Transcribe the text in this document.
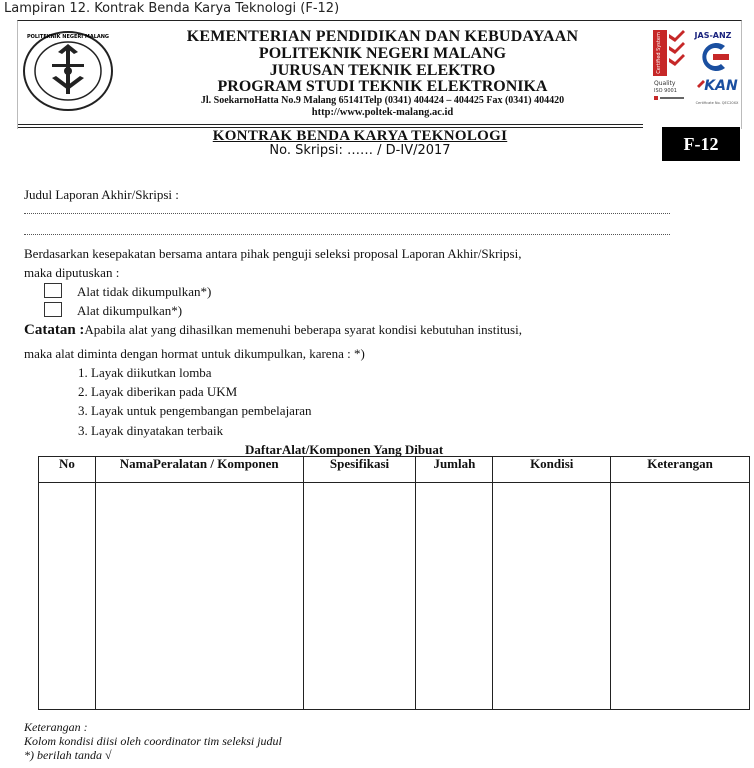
Lampiran 12. Kontrak Benda Karya Teknologi (F-12)
POLITEKNIK NEGERI MALANG	KEMENTERIAN PENDIDIKAN DAN KEBUDAYAAN
POLITEKNIK NEGERI MALANG
JURUSAN TEKNIK ELEKTRO
PROGRAM STUDI TEKNIK ELEKTRONIKA
Jl. SoekarnoHatta No.9 Malang 65141Telp (0341) 404424 – 404425 Fax (0341) 404420
http://www.poltek-malang.ac.id
Certified System	JAS-ANZ
Quality
ISO 9001 KAN
Certificate No. QEC20XX
KONTRAK BENDA KARYA TEKNOLOGI
No. Skripsi: …… / D-IV/2017	F-12
Judul Laporan Akhir/Skripsi :
Berdasarkan kesepakatan bersama antara pihak penguji seleksi proposal Laporan Akhir/Skripsi,
maka diputuskan :
Alat tidak dikumpulkan*)
Alat dikumpulkan*)
Catatan :Apabila alat yang dihasilkan memenuhi beberapa syarat kondisi kebutuhan institusi,
maka alat diminta dengan hormat untuk dikumpulkan, karena : *)
1. Layak diikutkan lomba
2. Layak diberikan pada UKM
3. Layak untuk pengembangan pembelajaran
3. Layak dinyatakan terbaik
DaftarAlat/Komponen Yang Dibuat
No	NamaPeralatan / Komponen	Spesifikasi	Jumlah	Kondisi	Keterangan

Keterangan :
Kolom kondisi diisi oleh coordinator tim seleksi judul
*) berilah tanda √
